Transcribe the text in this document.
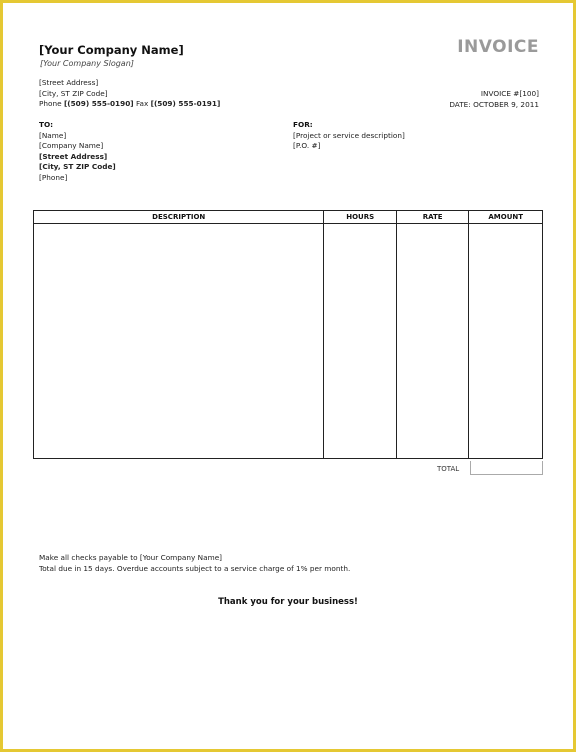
[Your Company Name]
[Your Company Slogan]
[Street Address]
[City, ST ZIP Code]
Phone [(509) 555-0190] Fax [(509) 555-0191]
INVOICE
INVOICE #[100]
DATE: OCTOBER 9, 2011
TO:
[Name]
[Company Name]
[Street Address]
[City, ST ZIP Code]
[Phone]
FOR:
[Project or service description]
[P.O. #]
DESCRIPTION	HOURS	RATE	AMOUNT

TOTAL
Make all checks payable to [Your Company Name]
Total due in 15 days. Overdue accounts subject to a service charge of 1% per month.
Thank you for your business!
